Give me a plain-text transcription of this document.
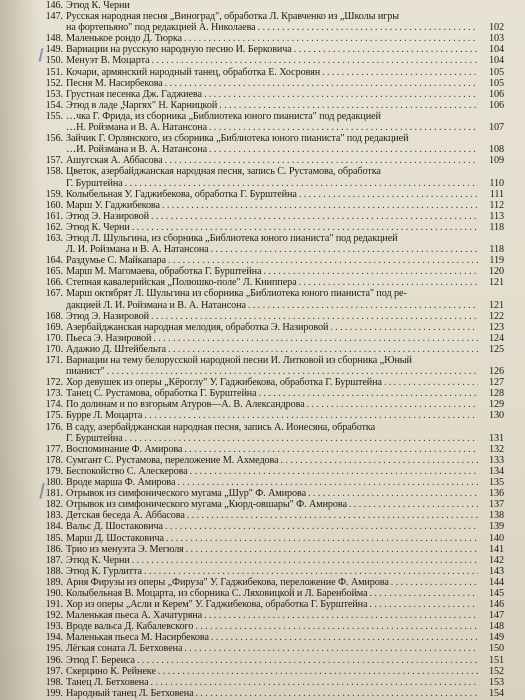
146. Этюд К. Черни
147. Русская народная песня „Виноград", обработка Л. Кравченко из „Школы игры
на фортепьяно" под редакцией А. Николаева . . .	102
148. Маленькое рондо Д. Тюрка . . .	103
149. Вариации на русскую народную песню И. Берковича . . .	104
150. Менуэт В. Моцарта . . .	104
151. Кочари, армянский народный танец, обработка Е. Хосровян . . .	105
152. Песня М. Насирбекова . . .	105
153. Грустная песенка Дж. Гаджиева . . .	106
154. Этюд в ладе „Чаргях" Н. Карницкой . . .	106
155. …чка Г. Фрида, из сборника „Библиотека юного пианиста" под редакцией
…Н. Ройзмана и В. А. Натансона . . .	107
156. Зайчик Г. Орлянского, из сборника „Библиотека юного пианиста" под редакцией
…И. Ройзмана и В. А. Натансона . . .	108
157. Ашугская А. Аббасова . . .	109
158. Цветок, азербайджанская народная песня, запись С. Рустамова, обработка
Г. Бурштейна . . .	110
159. Колыбельная У. Гаджибекова, обработка Г. Бурштейна . . .	111
160. Марш У. Гаджибекова . . .	112
161. Этюд Э. Назировой . . .	113
162. Этюд К. Черни . . .	118
163. Этюд Л. Шульгина, из сборника „Библиотека юного пианиста" под редакцией
Л. И. Ройзмана и В. А. Натансона . . .	118
164. Раздумье С. Майкапара . . .	119
165. Марш М. Магомаева, обработка Г. Бурштейна . . .	120
166. Степная кавалерийская „Полюшко-поле" Л. Книппера . . .	121
167. Марш октябрят Л. Шульгина из сборника „Библиотека юного пианиста" под ре-
дакцией Л. И. Ройзмана и В. А. Натансона . . .	121
168. Этюд Э. Назировой . . .	122
169. Азербайджанская народная мелодия, обработка Э. Назировой . . .	123
170. Пьеса Э. Назировой . . .	124
170. Адажио Д. Штейбельта . . .	125
171. Вариации на тему белорусской народной песни И. Литковой из сборника „Юный
пианист" . . .	126
172. Хор девушек из оперы „Кёроглу" У. Гаджибекова, обработка Г. Бурштейна . . .	127
173. Танец С. Рустамова, обработка Г. Бурштейна . . .	128
174. По долинам и по взгорьям Атуров—А. В. Александрова . . .	129
175. Бурре Л. Моцарта . . .	130
176. В саду, азербайджанская народная песня, запись А. Ионесяна, обработка
Г. Бурштейна . . .	131
177. Воспоминание Ф. Амирова . . .	132
178. Сумгант С. Рустамова, переложение М. Ахмедова . . .	133
179. Беспокойство С. Алескерова . . .	134
180. Вроде марша Ф. Амирова . . .	135
181. Отрывок из симфонического мугама „Шур" Ф. Амирова . . .	136
182. Отрывок из симфонического мугама „Кюрд-овшары" Ф. Амирова . . .	137
183. Детская беседа А. Аббасова . . .	138
184. Вальс Д. Шостаковича . . .	139
185. Марш Д. Шостаковича . . .	140
186. Трио из менуэта Э. Мегюля . . .	141
187. Этюд К. Черни . . .	142
188. Этюд К. Гурлитта . . .	143
189. Ария Фирузы из оперы „Фируза" У. Гаджибекова, переложение Ф. Амирова . . .	144
190. Колыбельная В. Моцарта, из сборника С. Ляховицкой и Л. Баренбойма . . .	145
191. Хор из оперы „Асли и Керем" У. Гаджибекова, обработка Г. Бурштейна . . .	146
192. Маленькая пьеса А. Хачатуряна . . .	147
193. Вроде вальса Д. Кабалевского . . .	148
194. Маленькая пьеса М. Насирбекова . . .	149
195. Лёгкая соната Л. Бетховена . . .	150
196. Этюд Г. Береиса . . .	151
197. Скерцино К. Рейнеке . . .	152
198. Танец Л. Бетховена . . .	153
199. Народный танец Л. Бетховена . . .	154
